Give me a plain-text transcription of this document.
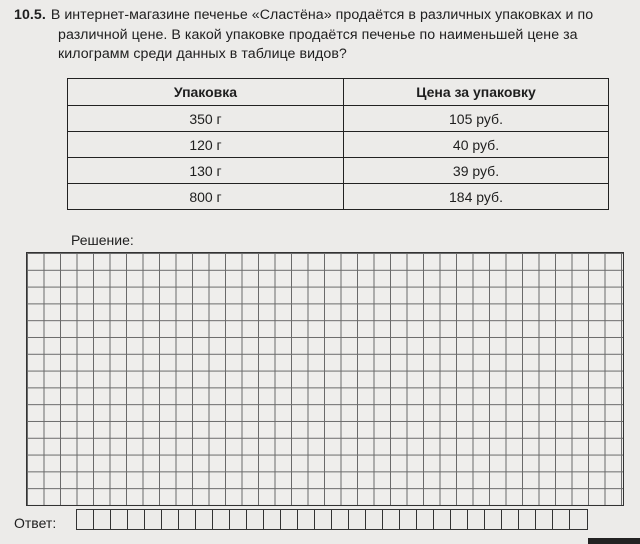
10.5. В интернет-магазине печенье «Сластёна» продаётся в различных упаковках и по
различной цене. В какой упаковке продаётся печенье по наименьшей цене за
килограмм среди данных в таблице видов?
Упаковка	Цена за упаковку
350 г	105 руб.
120 г	40 руб.
130 г	39 руб.
800 г	184 руб.
Решение:
Ответ:
